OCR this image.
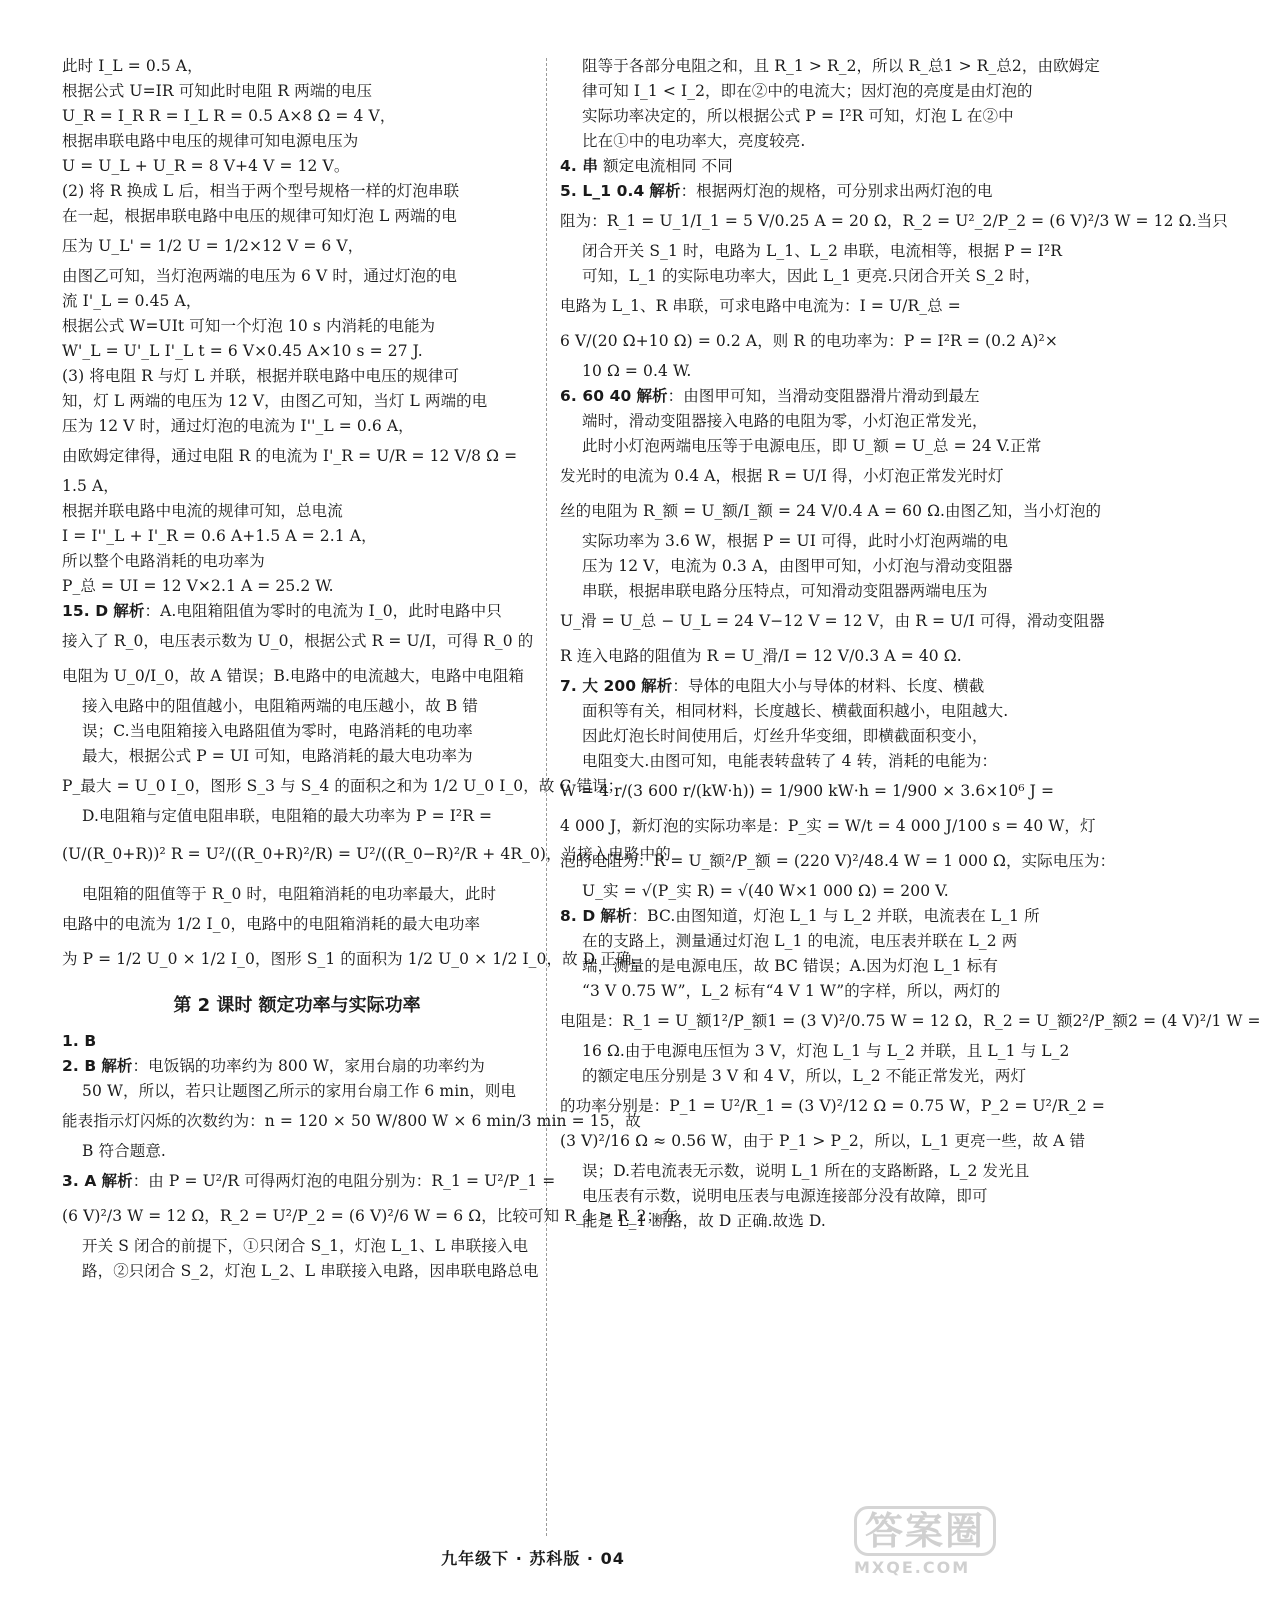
此时 I_L = 0.5 A，
根据公式 U=IR 可知此时电阻 R 两端的电压
U_R = I_R R = I_L R = 0.5 A×8 Ω = 4 V，
根据串联电路中电压的规律可知电源电压为
U = U_L + U_R = 8 V+4 V = 12 V。
(2) 将 R 换成 L 后，相当于两个型号规格一样的灯泡串联
在一起，根据串联电路中电压的规律可知灯泡 L 两端的电
压为 U_L' = 1/2 U = 1/2×12 V = 6 V，
由图乙可知，当灯泡两端的电压为 6 V 时，通过灯泡的电
流 I'_L = 0.45 A，
根据公式 W=UIt 可知一个灯泡 10 s 内消耗的电能为
W'_L = U'_L I'_L t = 6 V×0.45 A×10 s = 27 J.
(3) 将电阻 R 与灯 L 并联，根据并联电路中电压的规律可
知，灯 L 两端的电压为 12 V，由图乙可知，当灯 L 两端的电
压为 12 V 时，通过灯泡的电流为 I''_L = 0.6 A，
由欧姆定律得，通过电阻 R 的电流为 I'_R = U/R = 12 V/8 Ω =
1.5 A，
根据并联电路中电流的规律可知，总电流
I = I''_L + I'_R = 0.6 A+1.5 A = 2.1 A，
所以整个电路消耗的电功率为
P_总 = UI = 12 V×2.1 A = 25.2 W.
15. D 解析：A.电阻箱阻值为零时的电流为 I_0，此时电路中只
接入了 R_0，电压表示数为 U_0，根据公式 R = U/I，可得 R_0 的
电阻为 U_0/I_0，故 A 错误；B.电路中的电流越大，电路中电阻箱
接入电路中的阻值越小，电阻箱两端的电压越小，故 B 错
误；C.当电阻箱接入电路阻值为零时，电路消耗的电功率
最大，根据公式 P = UI 可知，电路消耗的最大电功率为
P_最大 = U_0 I_0，图形 S_3 与 S_4 的面积之和为 1/2 U_0 I_0，故 C 错误；
D.电阻箱与定值电阻串联，电阻箱的最大功率为 P = I²R =
(U/(R_0+R))² R = U²/((R_0+R)²/R) = U²/((R_0−R)²/R + 4R_0)，当接入电路中的
电阻箱的阻值等于 R_0 时，电阻箱消耗的电功率最大，此时
电路中的电流为 1/2 I_0，电路中的电阻箱消耗的最大电功率
为 P = 1/2 U_0 × 1/2 I_0，图形 S_1 的面积为 1/2 U_0 × 1/2 I_0，故 D 正确.
第 2 课时 额定功率与实际功率
1. B
2. B 解析：电饭锅的功率约为 800 W，家用台扇的功率约为
50 W，所以，若只让题图乙所示的家用台扇工作 6 min，则电
能表指示灯闪烁的次数约为：n = 120 × 50 W/800 W × 6 min/3 min = 15，故
B 符合题意.
3. A 解析：由 P = U²/R 可得两灯泡的电阻分别为：R_1 = U²/P_1 =
(6 V)²/3 W = 12 Ω，R_2 = U²/P_2 = (6 V)²/6 W = 6 Ω，比较可知 R_1 > R_2；在
开关 S 闭合的前提下，①只闭合 S_1，灯泡 L_1、L 串联接入电
路，②只闭合 S_2，灯泡 L_2、L 串联接入电路，因串联电路总电
阻等于各部分电阻之和，且 R_1 > R_2，所以 R_总1 > R_总2，由欧姆定
律可知 I_1 < I_2，即在②中的电流大；因灯泡的亮度是由灯泡的
实际功率决定的，所以根据公式 P = I²R 可知，灯泡 L 在②中
比在①中的电功率大，亮度较亮.
4. 串 额定电流相同 不同
5. L_1 0.4 解析：根据两灯泡的规格，可分别求出两灯泡的电
阻为：R_1 = U_1/I_1 = 5 V/0.25 A = 20 Ω，R_2 = U²_2/P_2 = (6 V)²/3 W = 12 Ω.当只
闭合开关 S_1 时，电路为 L_1、L_2 串联，电流相等，根据 P = I²R
可知，L_1 的实际电功率大，因此 L_1 更亮.只闭合开关 S_2 时，
电路为 L_1、R 串联，可求电路中电流为：I = U/R_总 =
6 V/(20 Ω+10 Ω) = 0.2 A，则 R 的电功率为：P = I²R = (0.2 A)²×
10 Ω = 0.4 W.
6. 60 40 解析：由图甲可知，当滑动变阻器滑片滑动到最左
端时，滑动变阻器接入电路的电阻为零，小灯泡正常发光，
此时小灯泡两端电压等于电源电压，即 U_额 = U_总 = 24 V.正常
发光时的电流为 0.4 A，根据 R = U/I 得，小灯泡正常发光时灯
丝的电阻为 R_额 = U_额/I_额 = 24 V/0.4 A = 60 Ω.由图乙知，当小灯泡的
实际功率为 3.6 W，根据 P = UI 可得，此时小灯泡两端的电
压为 12 V，电流为 0.3 A，由图甲可知，小灯泡与滑动变阻器
串联，根据串联电路分压特点，可知滑动变阻器两端电压为
U_滑 = U_总 − U_L = 24 V−12 V = 12 V，由 R = U/I 可得，滑动变阻器
R 连入电路的阻值为 R = U_滑/I = 12 V/0.3 A = 40 Ω.
7. 大 200 解析：导体的电阻大小与导体的材料、长度、横截
面积等有关，相同材料，长度越长、横截面积越小，电阻越大.
因此灯泡长时间使用后，灯丝升华变细，即横截面积变小，
电阻变大.由图可知，电能表转盘转了 4 转，消耗的电能为：
W = 4 r/(3 600 r/(kW·h)) = 1/900 kW·h = 1/900 × 3.6×10⁶ J =
4 000 J，新灯泡的实际功率是：P_实 = W/t = 4 000 J/100 s = 40 W，灯
泡的电阻为：R = U_额²/P_额 = (220 V)²/48.4 W = 1 000 Ω，实际电压为：
U_实 = √(P_实 R) = √(40 W×1 000 Ω) = 200 V.
8. D 解析：BC.由图知道，灯泡 L_1 与 L_2 并联，电流表在 L_1 所
在的支路上，测量通过灯泡 L_1 的电流，电压表并联在 L_2 两
端，测量的是电源电压，故 BC 错误；A.因为灯泡 L_1 标有
“3 V 0.75 W”，L_2 标有“4 V 1 W”的字样，所以，两灯的
电阻是：R_1 = U_额1²/P_额1 = (3 V)²/0.75 W = 12 Ω，R_2 = U_额2²/P_额2 = (4 V)²/1 W =
16 Ω.由于电源电压恒为 3 V，灯泡 L_1 与 L_2 并联，且 L_1 与 L_2
的额定电压分别是 3 V 和 4 V，所以，L_2 不能正常发光，两灯
的功率分别是：P_1 = U²/R_1 = (3 V)²/12 Ω = 0.75 W，P_2 = U²/R_2 =
(3 V)²/16 Ω ≈ 0.56 W，由于 P_1 > P_2，所以，L_1 更亮一些，故 A 错
误；D.若电流表无示数，说明 L_1 所在的支路断路，L_2 发光且
电压表有示数，说明电压表与电源连接部分没有故障，即可
能是 L_1 断路，故 D 正确.故选 D.
九年级下 · 苏科版 · 04
答案圈
MXQE.COM
